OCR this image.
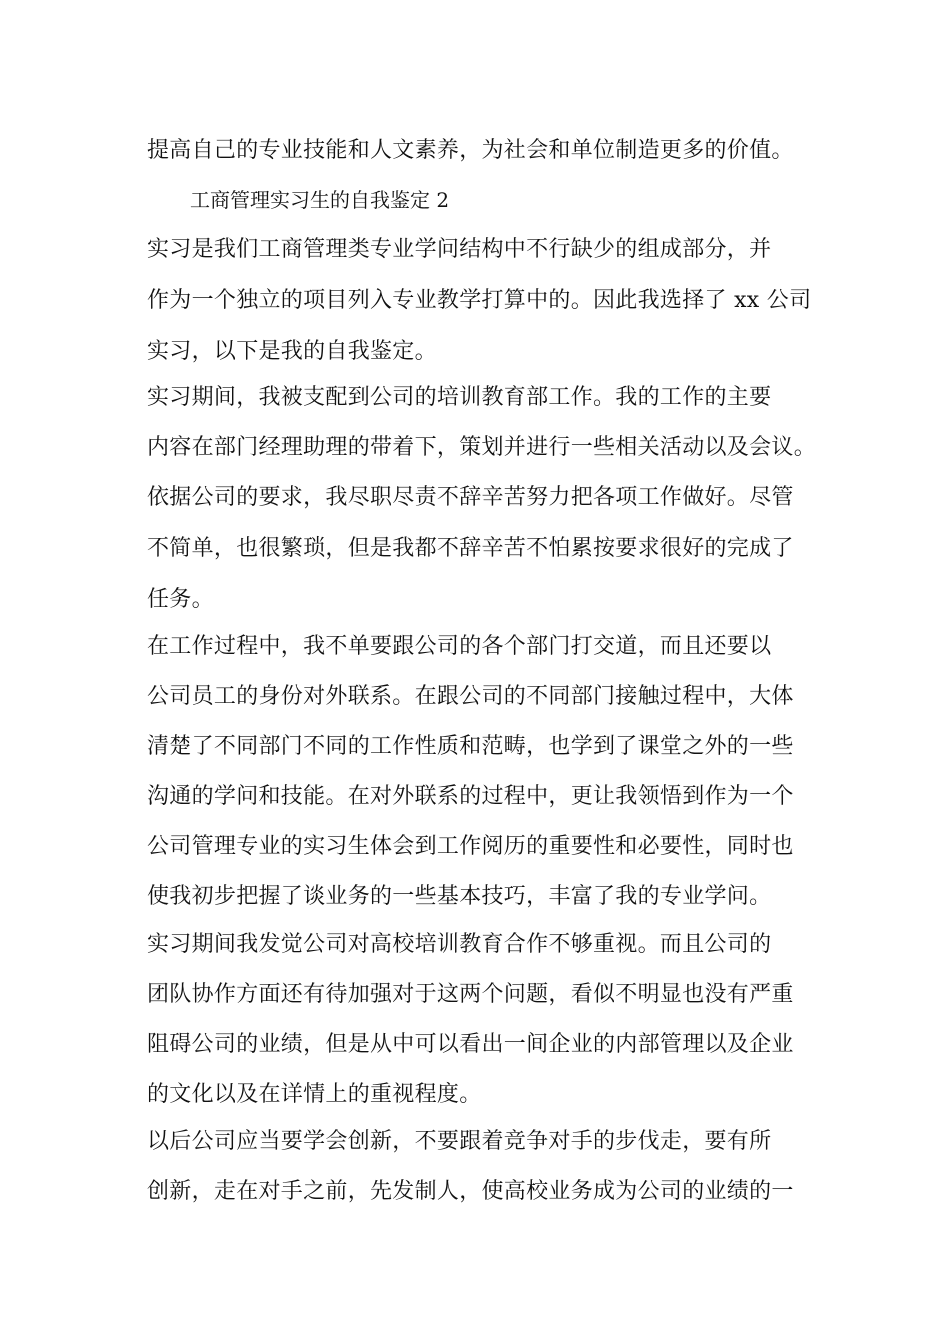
提高自己的专业技能和人文素养，为社会和单位制造更多的价值。
工商管理实习生的自我鉴定 2
实习是我们工商管理类专业学问结构中不行缺少的组成部分，并
作为一个独立的项目列入专业教学打算中的。因此我选择了 xx 公司
实习，以下是我的自我鉴定。
实习期间，我被支配到公司的培训教育部工作。我的工作的主要
内容在部门经理助理的带着下，策划并进行一些相关活动以及会议。
依据公司的要求，我尽职尽责不辞辛苦努力把各项工作做好。尽管
不简单，也很繁琐，但是我都不辞辛苦不怕累按要求很好的完成了
任务。
在工作过程中，我不单要跟公司的各个部门打交道，而且还要以
公司员工的身份对外联系。在跟公司的不同部门接触过程中，大体
清楚了不同部门不同的工作性质和范畴，也学到了课堂之外的一些
沟通的学问和技能。在对外联系的过程中，更让我领悟到作为一个
公司管理专业的实习生体会到工作阅历的重要性和必要性，同时也
使我初步把握了谈业务的一些基本技巧，丰富了我的专业学问。
实习期间我发觉公司对高校培训教育合作不够重视。而且公司的
团队协作方面还有待加强对于这两个问题，看似不明显也没有严重
阻碍公司的业绩，但是从中可以看出一间企业的内部管理以及企业
的文化以及在详情上的重视程度。
以后公司应当要学会创新，不要跟着竞争对手的步伐走，要有所
创新，走在对手之前，先发制人，使高校业务成为公司的业绩的一
